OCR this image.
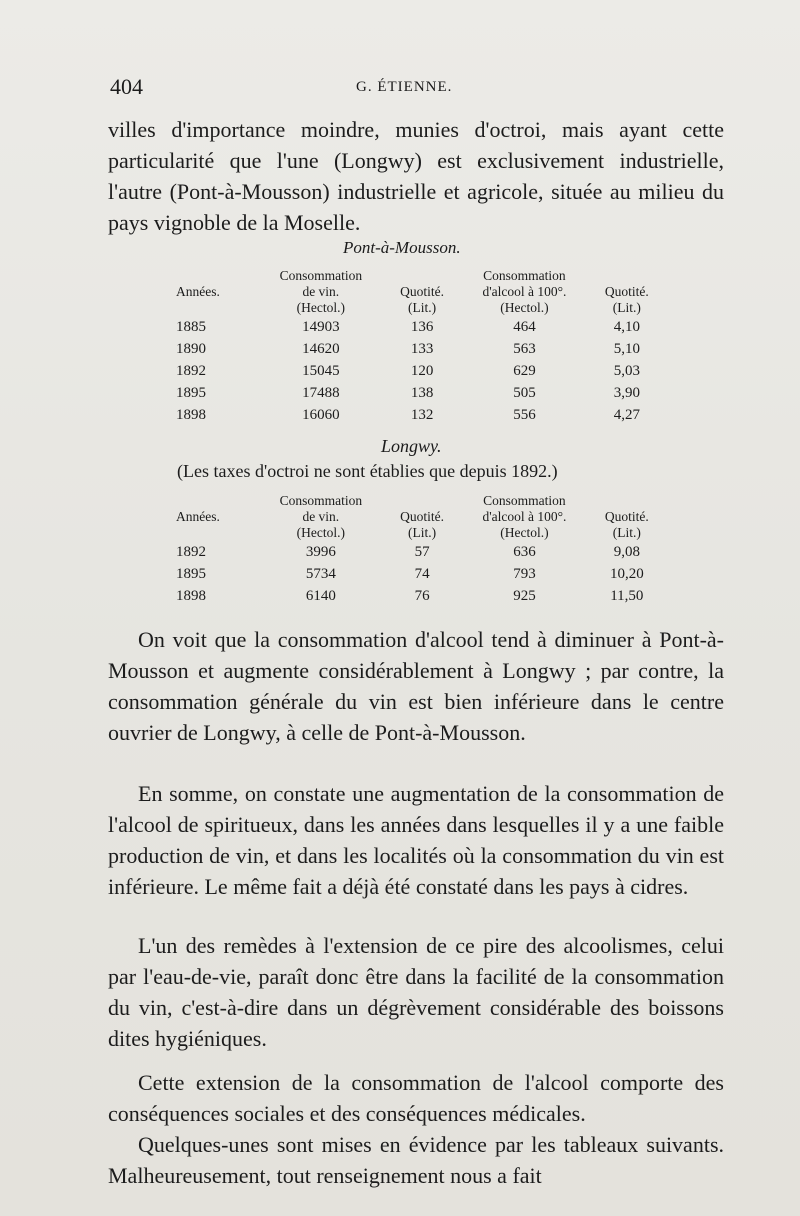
404	G. ÉTIENNE.

villes d'importance moindre, munies d'octroi, mais ayant cette particularité que l'une (Longwy) est exclusivement industrielle, l'autre (Pont-à-Mousson) industrielle et agricole, située au milieu du pays vignoble de la Moselle.

Pont-à-Mousson.
	Consommation		Consommation	
Années.	de vin.	Quotité.	d'alcool à 100°.	Quotité.
	(Hectol.)	(Lit.)	(Hectol.)	(Lit.)
1885	14903	136	464	4,10
1890	14620	133	563	5,10
1892	15045	120	629	5,03
1895	17488	138	505	3,90
1898	16060	132	556	4,27
Longwy.
(Les taxes d'octroi ne sont établies que depuis 1892.)
	Consommation		Consommation	
Années.	de vin.	Quotité.	d'alcool à 100°.	Quotité.
	(Hectol.)	(Lit.)	(Hectol.)	(Lit.)
1892	3996	57	636	9,08
1895	5734	74	793	10,20
1898	6140	76	925	11,50

On voit que la consommation d'alcool tend à diminuer à Pont-à-Mousson et augmente considérablement à Longwy ; par contre, la consommation générale du vin est bien inférieure dans le centre ouvrier de Longwy, à celle de Pont-à-Mousson.

En somme, on constate une augmentation de la consommation de l'alcool de spiritueux, dans les années dans lesquelles il y a une faible production de vin, et dans les localités où la consommation du vin est inférieure. Le même fait a déjà été constaté dans les pays à cidres.

L'un des remèdes à l'extension de ce pire des alcoolismes, celui par l'eau-de-vie, paraît donc être dans la facilité de la consommation du vin, c'est-à-dire dans un dégrèvement considérable des boissons dites hygiéniques.

Cette extension de la consommation de l'alcool comporte des conséquences sociales et des conséquences médicales.

Quelques-unes sont mises en évidence par les tableaux suivants. Malheureusement, tout renseignement nous a fait
